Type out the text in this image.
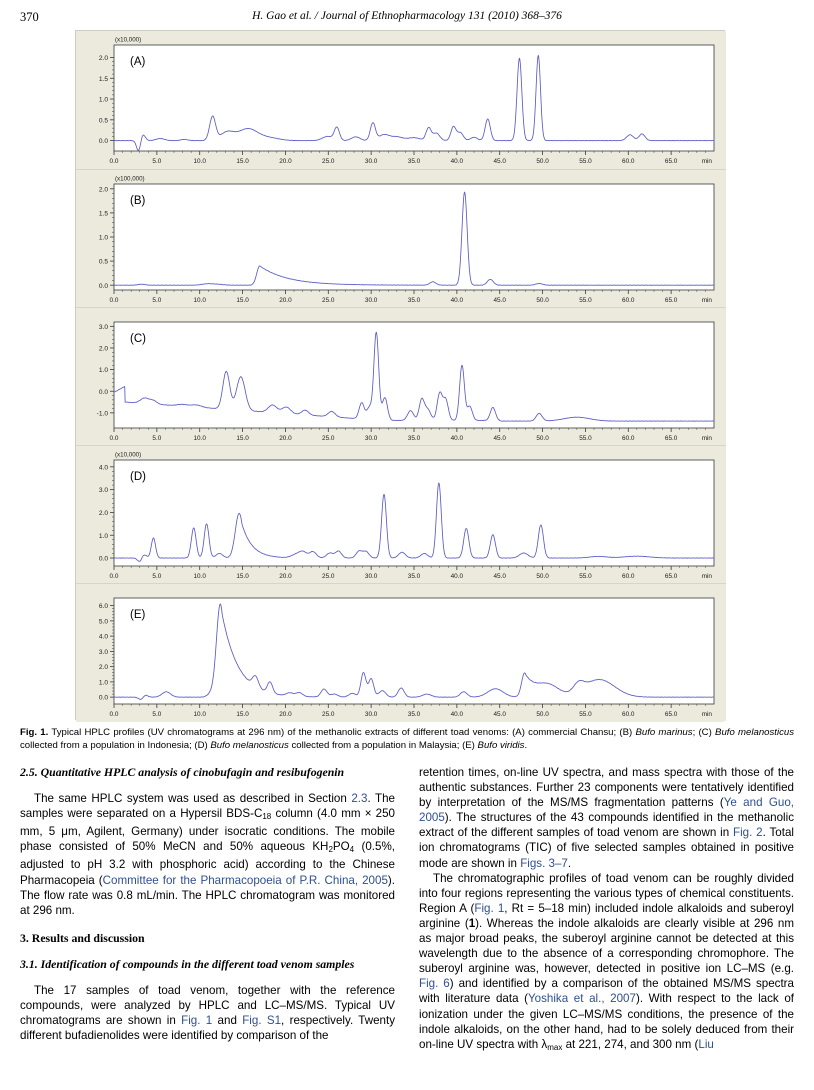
370	H. Gao et al. / Journal of Ethnopharmacology 131 (2010) 368–376
0.0
0.5
1.0
1.5
2.0
0.0	5.0	10.0	15.0	20.0	25.0	30.0	35.0	40.0	45.0	50.0	55.0	60.0	65.0	min
(x10,000)
(A)
0.0
0.5
1.0
1.5
2.0
0.0	5.0	10.0	15.0	20.0	25.0	30.0	35.0	40.0	45.0	50.0	55.0	60.0	65.0	min
(x100,000)
(B)
-1.0
0.0
1.0
2.0
3.0
0.0	5.0	10.0	15.0	20.0	25.0	30.0	35.0	40.0	45.0	50.0	55.0	60.0	65.0	min
(C)
0.0
1.0
2.0
3.0
4.0
0.0	5.0	10.0	15.0	20.0	25.0	30.0	35.0	40.0	45.0	50.0	55.0	60.0	65.0	min
(x10,000)
(D)
0.0
1.0
2.0
3.0
4.0
5.0
6.0
0.0	5.0	10.0	15.0	20.0	25.0	30.0	35.0	40.0	45.0	50.0	55.0	60.0	65.0	min
(E)
Fig. 1. Typical HPLC profiles (UV chromatograms at 296 nm) of the methanolic extracts of different toad venoms: (A) commercial Chansu; (B) Bufo marinus; (C) Bufo melanosticus collected from a population in Indonesia; (D) Bufo melanosticus collected from a population in Malaysia; (E) Bufo viridis.
2.5. Quantitative HPLC analysis of cinobufagin and resibufogenin

The same HPLC system was used as described in Section 2.3. The samples were separated on a Hypersil BDS-$C_{18}$ column (4.0 mm × 250 mm, 5 μm, Agilent, Germany) under isocratic conditions. The mobile phase consisted of 50% MeCN and 50% aqueous $KH_2PO_4$ (0.5%, adjusted to pH 3.2 with phosphoric acid) according to the Chinese Pharmacopeia (Committee for the Pharmacopoeia of P.R. China, 2005). The flow rate was 0.8 mL/min. The HPLC chromatogram was monitored at 296 nm.

3. Results and discussion
3.1. Identification of compounds in the different toad venom samples

The 17 samples of toad venom, together with the reference compounds, were analyzed by HPLC and LC–MS/MS. Typical UV chromatograms are shown in Fig. 1 and Fig. S1, respectively. Twenty different bufadienolides were identified by comparison of the

retention times, on-line UV spectra, and mass spectra with those of the authentic substances. Further 23 components were tentatively identified by interpretation of the MS/MS fragmentation patterns (Ye and Guo, 2005). The structures of the 43 compounds identified in the methanolic extract of the different samples of toad venom are shown in Fig. 2. Total ion chromatograms (TIC) of five selected samples obtained in positive mode are shown in Figs. 3–7.

The chromatographic profiles of toad venom can be roughly divided into four regions representing the various types of chemical constituents. Region A (Fig. 1, Rt = 5–18 min) included indole alkaloids and suberoyl arginine (1). Whereas the indole alkaloids are clearly visible at 296 nm as major broad peaks, the suberoyl arginine cannot be detected at this wavelength due to the absence of a corresponding chromophore. The suberoyl arginine was, however, detected in positive ion LC–MS (e.g. Fig. 6) and identified by a comparison of the obtained MS/MS spectra with literature data (Yoshika et al., 2007). With respect to the lack of ionization under the given LC–MS/MS conditions, the presence of the indole alkaloids, on the other hand, had to be solely deduced from their on-line UV spectra with $\lambda_{max}$ at 221, 274, and 300 nm (Liu
